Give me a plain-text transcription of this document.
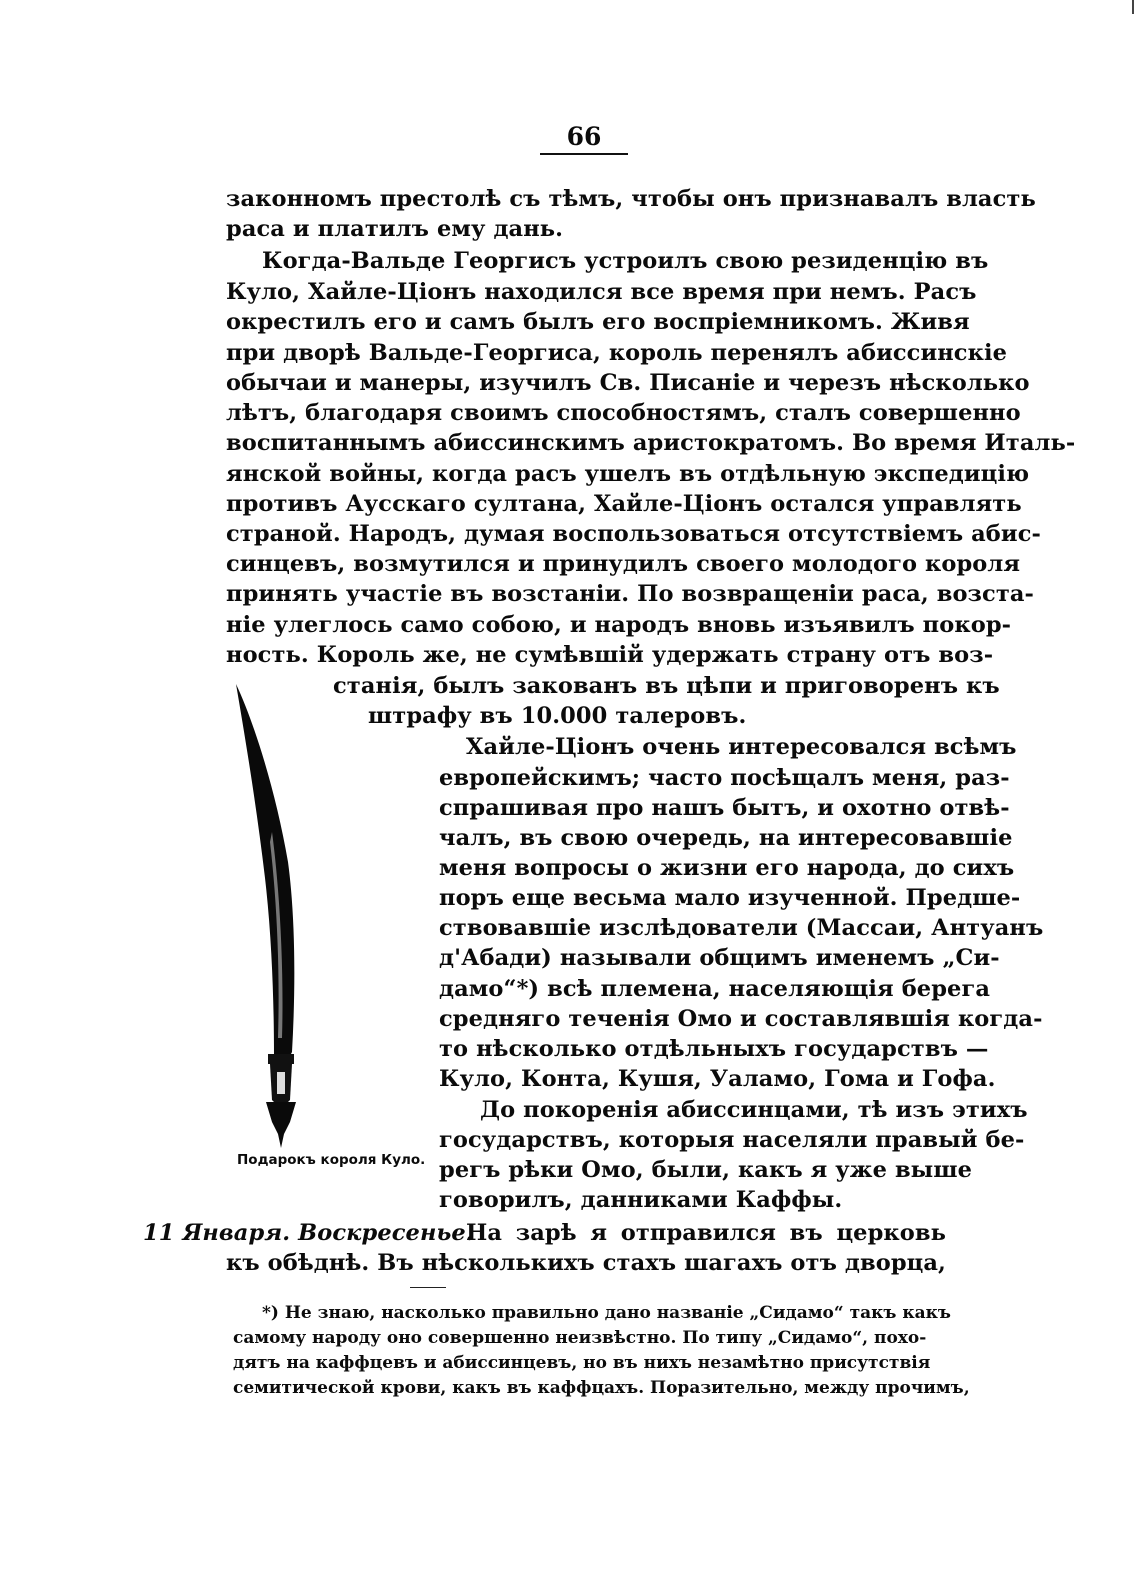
66

законномъ престолѣ съ тѣмъ, чтобы онъ признавалъ власть

раса и платилъ ему дань.

Когда-Вальде Георгисъ устроилъ свою резиденцію въ

Куло, Хайле-Ціонъ находился все время при немъ. Расъ

окрестилъ его и самъ былъ его воспріемникомъ. Живя

при дворѣ Вальде-Георгиса, король перенялъ абиссинскіе

обычаи и манеры, изучилъ Св. Писаніе и черезъ нѣсколько

лѣтъ, благодаря своимъ способностямъ, сталъ совершенно

воспитаннымъ абиссинскимъ аристократомъ. Во время Италь-

янской войны, когда расъ ушелъ въ отдѣльную экспедицію

противъ Аусскаго султана, Хайле-Ціонъ остался управлять

страной. Народъ, думая воспользоваться отсутствіемъ абис-

синцевъ, возмутился и принудилъ своего молодого короля

принять участіе въ возстаніи. По возвращеніи раса, возста-

ніе улеглось само собою, и народъ вновь изъявилъ покор-

ность. Король же, не сумѣвшій удержать страну отъ воз-

станія, былъ закованъ въ цѣпи и приговоренъ къ

штрафу въ 10.000 талеровъ.

Хайле-Ціонъ очень интересовался всѣмъ

европейскимъ; часто посѣщалъ меня, раз-

спрашивая про нашъ бытъ, и охотно отвѣ-

чалъ, въ свою очередь, на интересовавшіе

меня вопросы о жизни его народа, до сихъ

поръ еще весьма мало изученной. Предше-

ствовавшіе изслѣдователи (Массаи, Антуанъ

д'Абади) называли общимъ именемъ „Си-

дамо“*) всѣ племена, населяющія берега

средняго теченія Омо и составлявшія когда-

то нѣсколько отдѣльныхъ государствъ —

Куло, Конта, Кушя, Уаламо, Гома и Гофа.

До покоренія абиссинцами, тѣ изъ этихъ

государствъ, которыя населяли правый бе-

регъ рѣки Омо, были, какъ я уже выше

говорилъ, данниками Каффы.

Подарокъ короля Куло.

11 Января. Воскресенье.

На зарѣ я отправился въ церковь

къ обѣднѣ. Въ нѣсколькихъ стахъ шагахъ отъ дворца,

*) Не знаю, насколько правильно дано названіе „Сидамо“ такъ какъ

самому народу оно совершенно неизвѣстно. По типу „Сидамо“, похо-

дятъ на каффцевъ и абиссинцевъ, но въ нихъ незамѣтно присутствія

семитической крови, какъ въ каффцахъ. Поразительно, между прочимъ,
